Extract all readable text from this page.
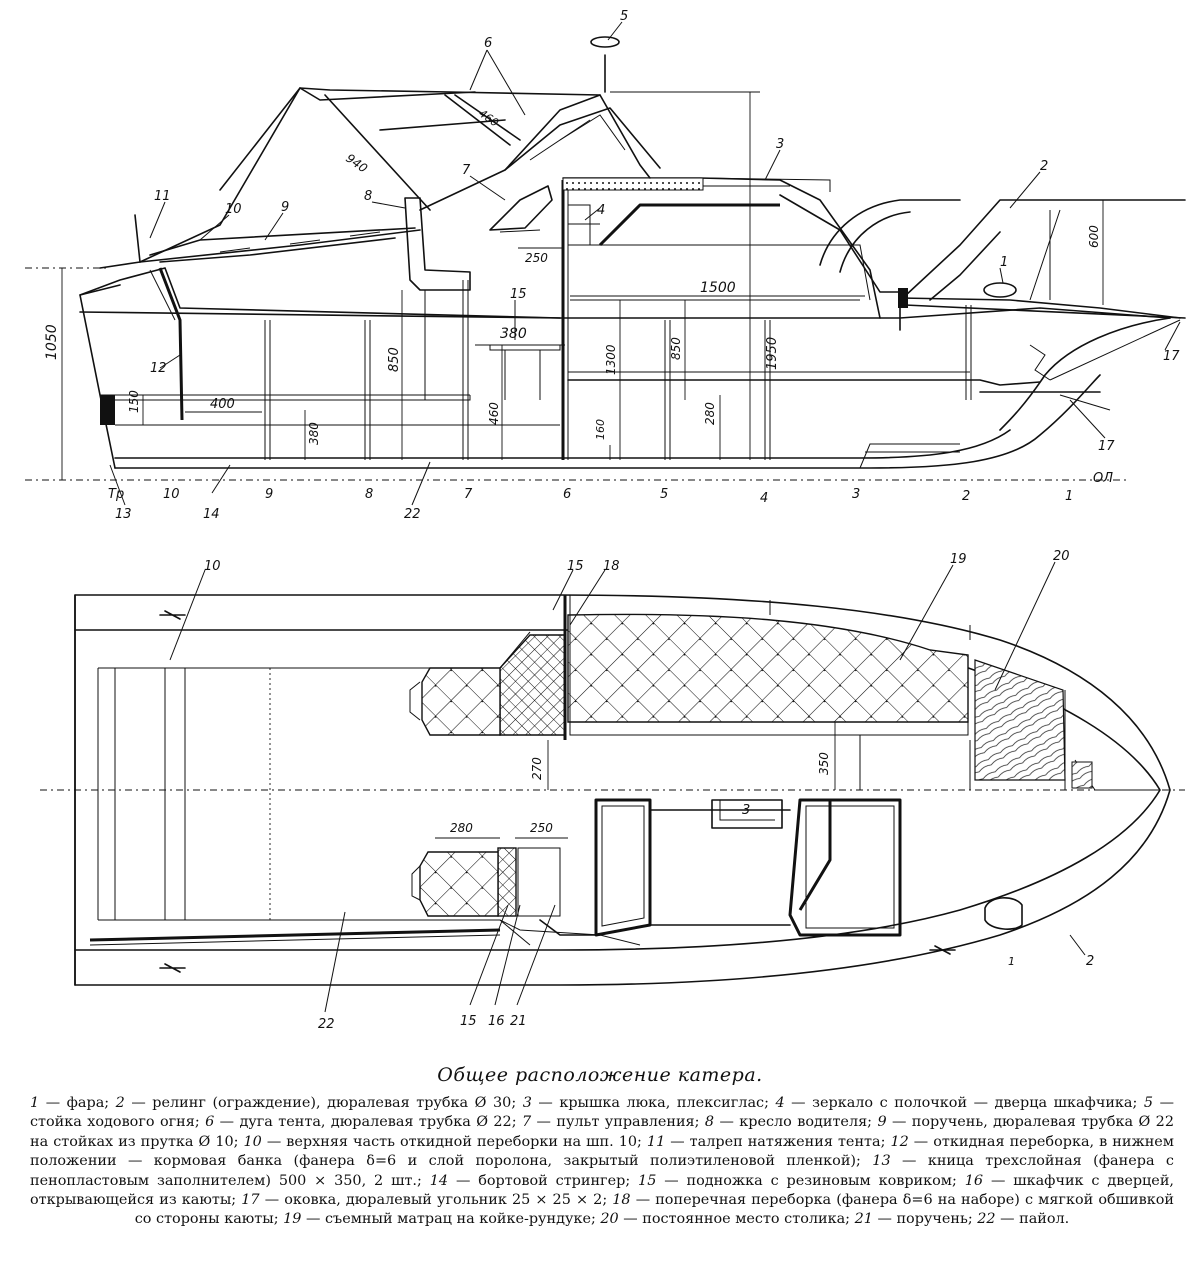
1050
150	400
380
850
460
380
160
1300	850	1950
280
250
1500
600
940
460
1
2
3
4
5
6
7
8
9
10
11
12
13	14
15
17
17
22
Тр	10	9	8	7	6	5	4	3	2	1
ОЛ
270	350
280	250
10	15 18	19	20
3
1	2
22	15 16 21
Общее расположение катера.
1 — фара; 2 — релинг (ограждение), дюралевая трубка Ø 30; 3 — крышка люка, плексиглас; 4 — зеркало с полочкой — дверца шкафчика; 5 — стойка ходового огня; 6 — дуга тента, дюралевая трубка Ø 22; 7 — пульт управления; 8 — кресло водителя; 9 — поручень, дюралевая трубка Ø 22 на стойках из прутка Ø 10; 10 — верхняя часть откидной переборки на шп. 10; 11 — талреп натяжения тента; 12 — откидная переборка, в нижнем положении — кормовая банка (фанера δ=6 и слой поролона, закрытый полиэтиленовой пленкой); 13 — кница трехслойная (фанера с пенопластовым заполнителем) 500 × 350, 2 шт.; 14 — бортовой стрингер; 15 — подножка с резиновым ковриком; 16 — шкафчик с дверцей, открывающейся из каюты; 17 — оковка, дюралевый угольник 25 × 25 × 2; 18 — поперечная переборка (фанера δ=6 на наборе) с мягкой обшивкой со стороны каюты; 19 — съемный матрац на койке-рундуке; 20 — постоянное место столика; 21 — поручень; 22 — пайол.
